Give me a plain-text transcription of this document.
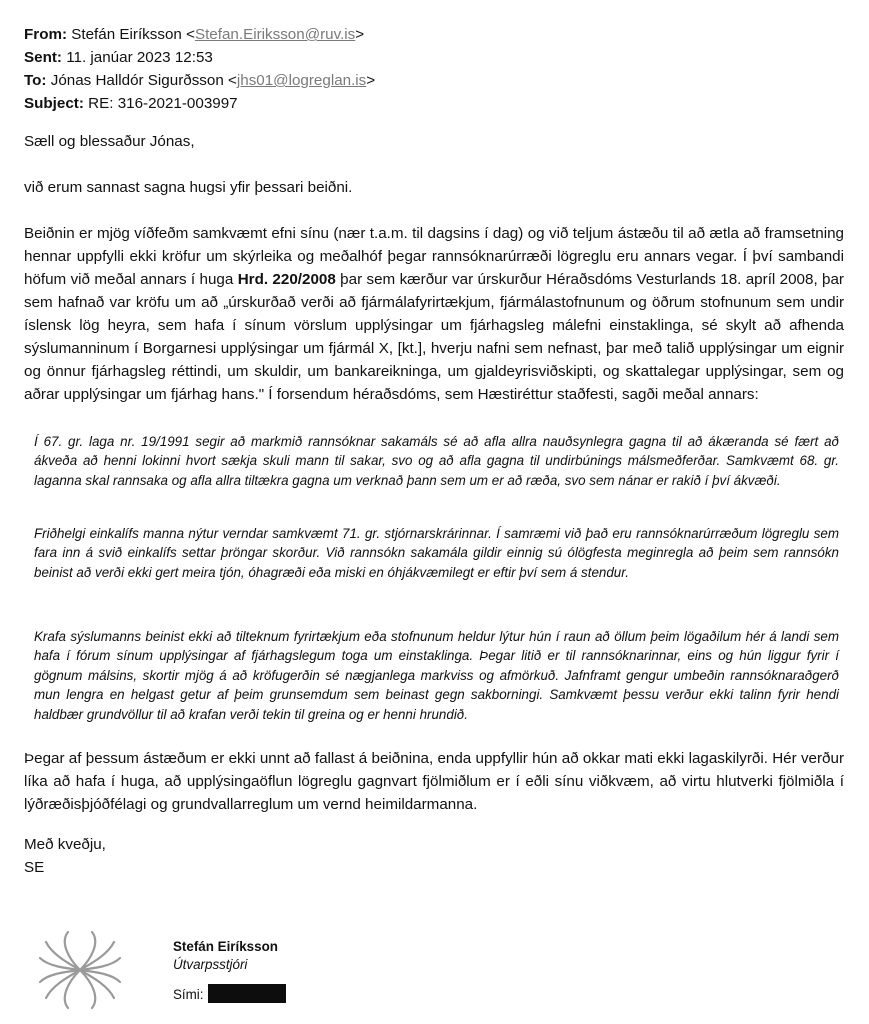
From: Stefán Eiríksson <Stefan.Eiriksson@ruv.is>
Sent: 11. janúar 2023 12:53
To: Jónas Halldór Sigurðsson <jhs01@logreglan.is>
Subject: RE: 316-2021-003997
Sæll og blessaður Jónas,
við erum sannast sagna hugsi yfir þessari beiðni.
Beiðnin er mjög víðfeðm samkvæmt efni sínu (nær t.a.m. til dagsins í dag) og við teljum ástæðu til að ætla að framsetning hennar uppfylli ekki kröfur um skýrleika og meðalhóf þegar rannsóknarúrræði lögreglu eru annars vegar. Í því sambandi höfum við meðal annars í huga Hrd. 220/2008 þar sem kærður var úrskurður Héraðsdóms Vesturlands 18. apríl 2008, þar sem hafnað var kröfu um að „úrskurðað verði að fjármálafyrirtækjum, fjármálastofnunum og öðrum stofnunum sem undir íslensk lög heyra, sem hafa í sínum vörslum upplýsingar um fjárhagsleg málefni einstaklinga, sé skylt að afhenda sýslumanninum í Borgarnesi upplýsingar um fjármál X, [kt.], hverju nafni sem nefnast, þar með talið upplýsingar um eignir og önnur fjárhagsleg réttindi, um skuldir, um bankareikninga, um gjaldeyrisviðskipti, og skattalegar upplýsingar, sem og aðrar upplýsingar um fjárhag hans." Í forsendum héraðsdóms, sem Hæstiréttur staðfesti, sagði meðal annars:
Í 67. gr. laga nr. 19/1991 segir að markmið rannsóknar sakamáls sé að afla allra nauðsynlegra gagna til að ákæranda sé fært að ákveða að henni lokinni hvort sækja skuli mann til sakar, svo og að afla gagna til undirbúnings málsmeðferðar. Samkvæmt 68. gr. laganna skal rannsaka og afla allra tiltækra gagna um verknað þann sem um er að ræða, svo sem nánar er rakið í því ákvæði.
Friðhelgi einkalífs manna nýtur verndar samkvæmt 71. gr. stjórnarskrárinnar. Í samræmi við það eru rannsóknarúrræðum lögreglu sem fara inn á svið einkalífs settar þröngar skorður. Við rannsókn sakamála gildir einnig sú ólögfesta meginregla að þeim sem rannsókn beinist að verði ekki gert meira tjón, óhagræði eða miski en óhjákvæmilegt er eftir því sem á stendur.
Krafa sýslumanns beinist ekki að tilteknum fyrirtækjum eða stofnunum heldur lýtur hún í raun að öllum þeim lögaðilum hér á landi sem hafa í fórum sínum upplýsingar af fjárhagslegum toga um einstaklinga. Þegar litið er til rannsóknarinnar, eins og hún liggur fyrir í gögnum málsins, skortir mjög á að kröfugerðin sé nægjanlega markviss og afmörkuð. Jafnframt gengur umbeðin rannsóknaraðgerð mun lengra en helgast getur af þeim grunsemdum sem beinast gegn sakborningi. Samkvæmt þessu verður ekki talinn fyrir hendi haldbær grundvöllur til að krafan verði tekin til greina og er henni hrundið.
Þegar af þessum ástæðum er ekki unnt að fallast á beiðnina, enda uppfyllir hún að okkar mati ekki lagaskilyrði. Hér verður líka að hafa í huga, að upplýsingaöflun lögreglu gagnvart fjölmiðlum er í eðli sínu viðkvæm, að virtu hlutverki fjölmiðla í lýðræðisþjóðfélagi og grundvallarreglum um vernd heimildarmanna.
Með kveðju,
SE
Stefán Eiríksson
Útvarpsstjóri
Sími:
